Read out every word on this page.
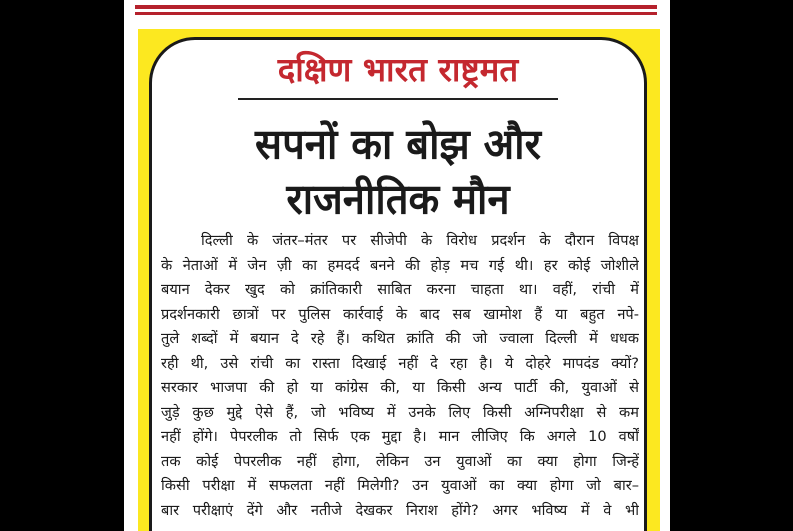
दक्षिण भारत राष्ट्रमत
सपनों का बोझ और
राजनीतिक मौन
दिल्ली के जंतर–मंतर पर सीजेपी के विरोध प्रदर्शन के दौरान विपक्ष
के नेताओं में जेन ज़ी का हमदर्द बनने की होड़ मच गई थी। हर कोई जोशीले
बयान देकर खुद को क्रांतिकारी साबित करना चाहता था। वहीं, रांची में
प्रदर्शनकारी छात्रों पर पुलिस कार्रवाई के बाद सब खामोश हैं या बहुत नपे-
तुले शब्दों में बयान दे रहे हैं। कथित क्रांति की जो ज्वाला दिल्ली में धधक
रही थी, उसे रांची का रास्ता दिखाई नहीं दे रहा है। ये दोहरे मापदंड क्यों?
सरकार भाजपा की हो या कांग्रेस की, या किसी अन्य पार्टी की, युवाओं से
जुड़े कुछ मुद्दे ऐसे हैं, जो भविष्य में उनके लिए किसी अग्निपरीक्षा से कम
नहीं होंगे। पेपरलीक तो सिर्फ एक मुद्दा है। मान लीजिए कि अगले 10 वर्षों
तक कोई पेपरलीक नहीं होगा, लेकिन उन युवाओं का क्या होगा जिन्हें
किसी परीक्षा में सफलता नहीं मिलेगी? उन युवाओं का क्या होगा जो बार–
बार परीक्षाएं देंगे और नतीजे देखकर निराश होंगे? अगर भविष्य में वे भी
